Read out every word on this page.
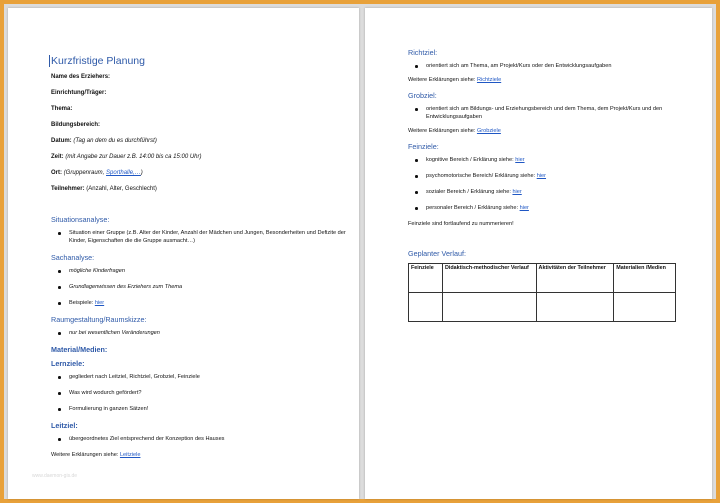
Kurzfristige Planung
Name des Erziehers:
Einrichtung/Träger:
Thema:
Bildungsbereich:
Datum: (Tag an dem du es durchführst)
Zeit: (mit Angabe zur Dauer z.B. 14:00 bis ca 15:00 Uhr)
Ort: (Gruppenraum, Sporthalle,…)
Teilnehmer: (Anzahl, Alter, Geschlecht)
Situationsanalyse:
Situation einer Gruppe (z.B. Alter der Kinder, Anzahl der Mädchen und Jungen, Besonderheiten und Defizite der Kinder, Eigenschaften die die Gruppe ausmacht…)
Sachanalyse:
mögliche Kinderfragen
Grundlagenwissen des Erziehers zum Thema
Beispiele: hier
Raumgestaltung/Raumskizze:
nur bei wesentlichen Veränderungen
Material/Medien:
Lernziele:
gegliedert nach Leitziel, Richtziel, Grobziel, Feinziele
Was wird wodurch gefördert?
Formulierung in ganzen Sätzen!
Leitziel:
übergeordnetes Ziel entsprechend der Konzeption des Hauses
Weitere Erklärungen siehe: Leitziele
www.daemon-gis.de
Richtziel:
orientiert sich am Thema, am Projekt/Kurs oder den Entwicklungsaufgaben
Weitere Erklärungen siehe: Richtziele
Grobziel:
orientiert sich am Bildungs- und Erziehungsbereich und dem Thema, dem Projekt/Kurs und den Entwicklungsaufgaben
Weitere Erklärungen siehe: Grobziele
Feinziele:
kognitive Bereich / Erklärung siehe: hier
psychomotorische Bereich/ Erklärung siehe: hier
sozialer Bereich / Erklärung siehe: hier
personaler Bereich / Erklärung siehe: hier
Feinziele sind fortlaufend zu nummerieren!
Geplanter Verlauf:
Feinziele	Didaktisch-methodischer Verlauf	Aktivitäten der Teilnehmer	Materialien /Medien
